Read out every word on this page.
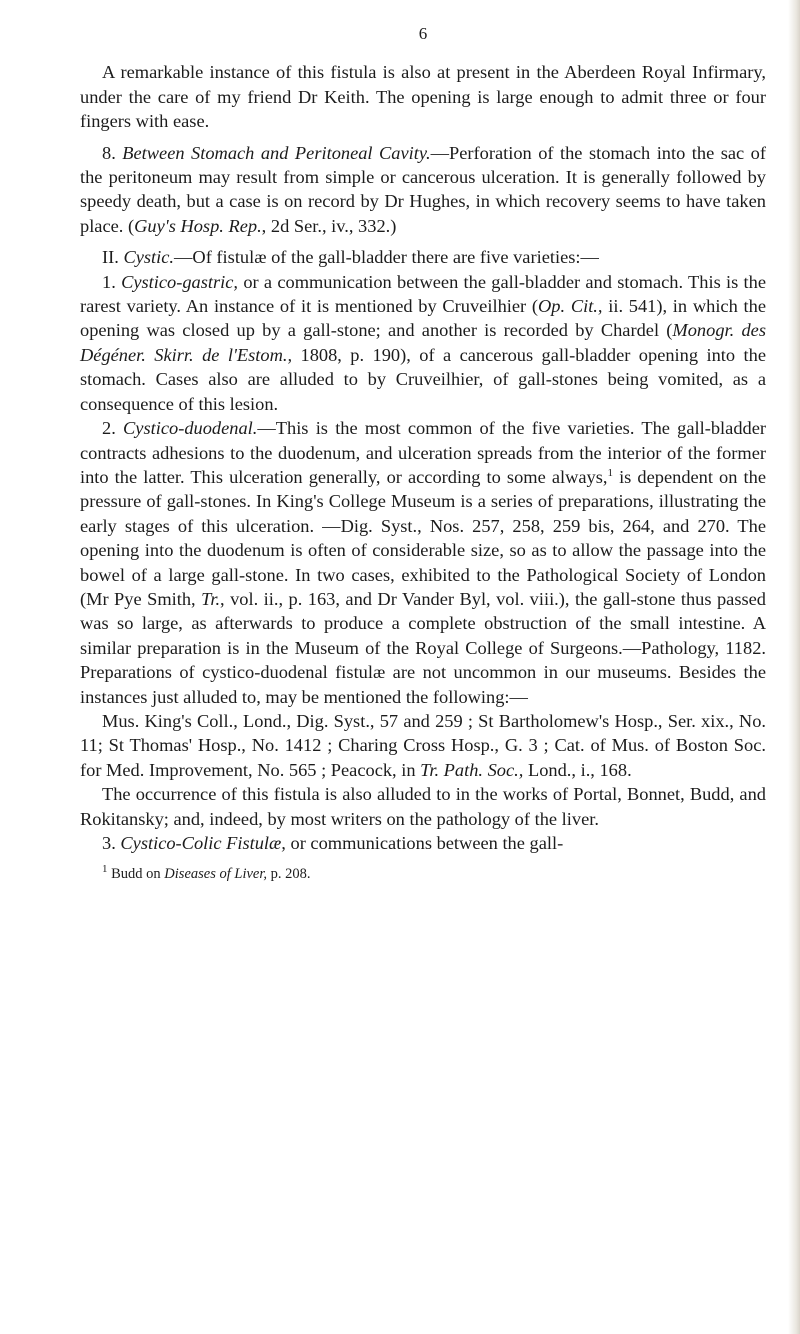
6

A remarkable instance of this fistula is also at present in the Aberdeen Royal Infirmary, under the care of my friend Dr Keith. The opening is large enough to admit three or four fingers with ease.

8. Between Stomach and Peritoneal Cavity.—Perforation of the stomach into the sac of the peritoneum may result from simple or cancerous ulceration. It is generally followed by speedy death, but a case is on record by Dr Hughes, in which recovery seems to have taken place. (Guy's Hosp. Rep., 2d Ser., iv., 332.)

II. Cystic.—Of fistulæ of the gall-bladder there are five varieties:—

1. Cystico-gastric, or a communication between the gall-bladder and stomach. This is the rarest variety. An instance of it is mentioned by Cruveilhier (Op. Cit., ii. 541), in which the opening was closed up by a gall-stone; and another is recorded by Chardel (Monogr. des Dégéner. Skirr. de l'Estom., 1808, p. 190), of a cancerous gall-bladder opening into the stomach. Cases also are alluded to by Cruveilhier, of gall-stones being vomited, as a consequence of this lesion.

2. Cystico-duodenal.—This is the most common of the five varieties. The gall-bladder contracts adhesions to the duodenum, and ulceration spreads from the interior of the former into the latter. This ulceration generally, or according to some always,$^1$ is dependent on the pressure of gall-stones. In King's College Museum is a series of preparations, illustrating the early stages of this ulceration. —Dig. Syst., Nos. 257, 258, 259 bis, 264, and 270. The opening into the duodenum is often of considerable size, so as to allow the passage into the bowel of a large gall-stone. In two cases, exhibited to the Pathological Society of London (Mr Pye Smith, Tr., vol. ii., p. 163, and Dr Vander Byl, vol. viii.), the gall-stone thus passed was so large, as afterwards to produce a complete obstruction of the small intestine. A similar preparation is in the Museum of the Royal College of Surgeons.—Pathology, 1182. Preparations of cystico-duodenal fistulæ are not uncommon in our museums. Besides the instances just alluded to, may be mentioned the following:—

Mus. King's Coll., Lond., Dig. Syst., 57 and 259 ; St Bartholomew's Hosp., Ser. xix., No. 11; St Thomas' Hosp., No. 1412 ; Charing Cross Hosp., G. 3 ; Cat. of Mus. of Boston Soc. for Med. Improvement, No. 565 ; Peacock, in Tr. Path. Soc., Lond., i., 168.

The occurrence of this fistula is also alluded to in the works of Portal, Bonnet, Budd, and Rokitansky; and, indeed, by most writers on the pathology of the liver.

3. Cystico-Colic Fistulæ, or communications between the gall-

$^1$ Budd on Diseases of Liver, p. 208.
